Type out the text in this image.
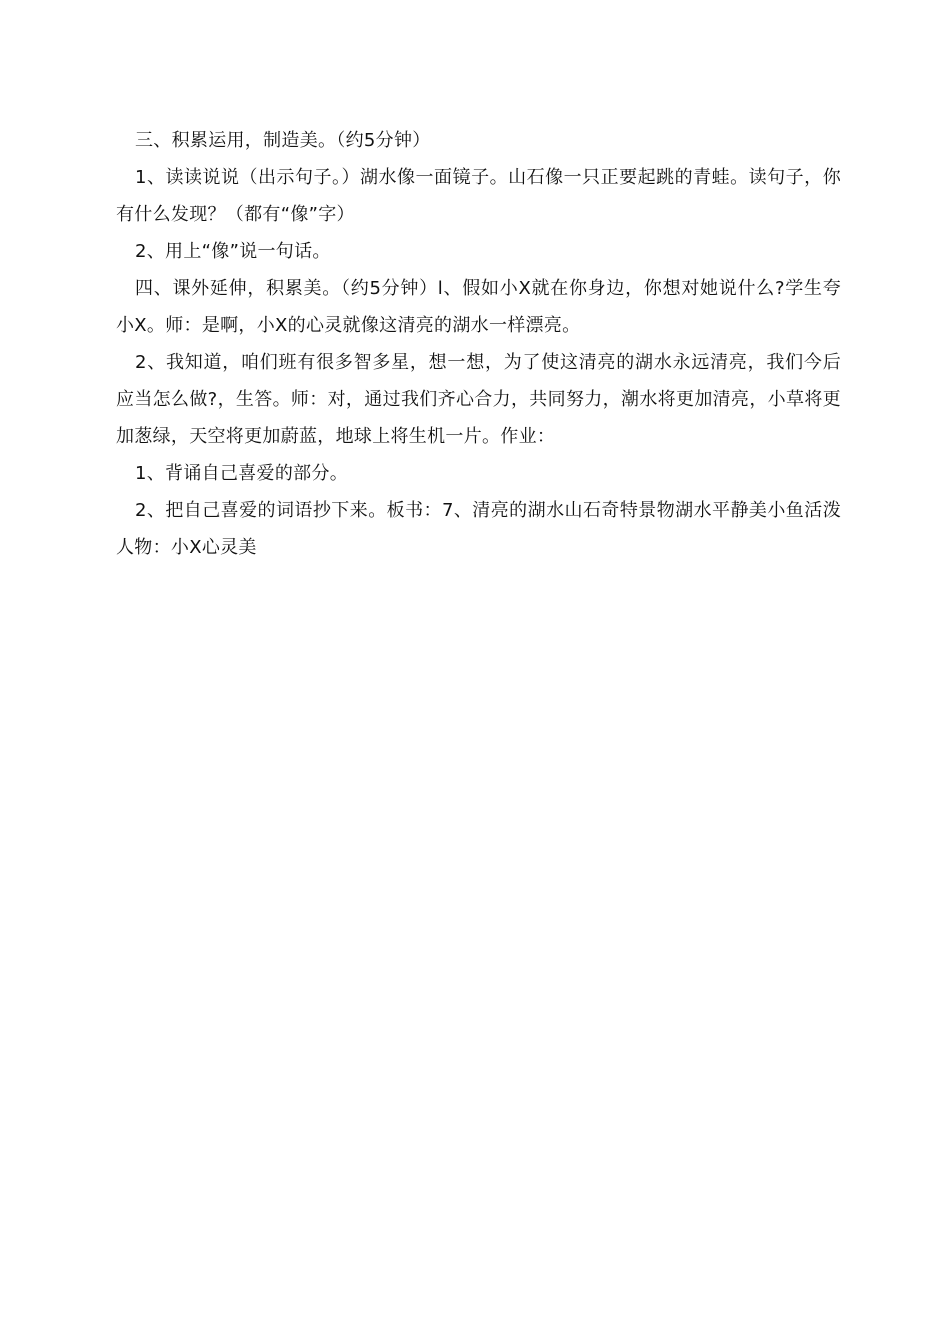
三、积累运用，制造美。（约5分钟）

1、读读说说（出示句子。）湖水像一面镜子。山石像一只正要起跳的青蛙。读句子，你有什么发现？（都有“像”字）

2、用上“像”说一句话。

四、课外延伸，积累美。（约5分钟）l、假如小X就在你身边，你想对她说什么?学生夸小X。师：是啊，小X的心灵就像这清亮的湖水一样漂亮。

2、我知道，咱们班有很多智多星，想一想，为了使这清亮的湖水永远清亮，我们今后应当怎么做?，生答。师：对，通过我们齐心合力，共同努力，潮水将更加清亮，小草将更加葱绿，天空将更加蔚蓝，地球上将生机一片。作业：

1、背诵自己喜爱的部分。

2、把自己喜爱的词语抄下来。板书：7、清亮的湖水山石奇特景物湖水平静美小鱼活泼人物：小X心灵美
